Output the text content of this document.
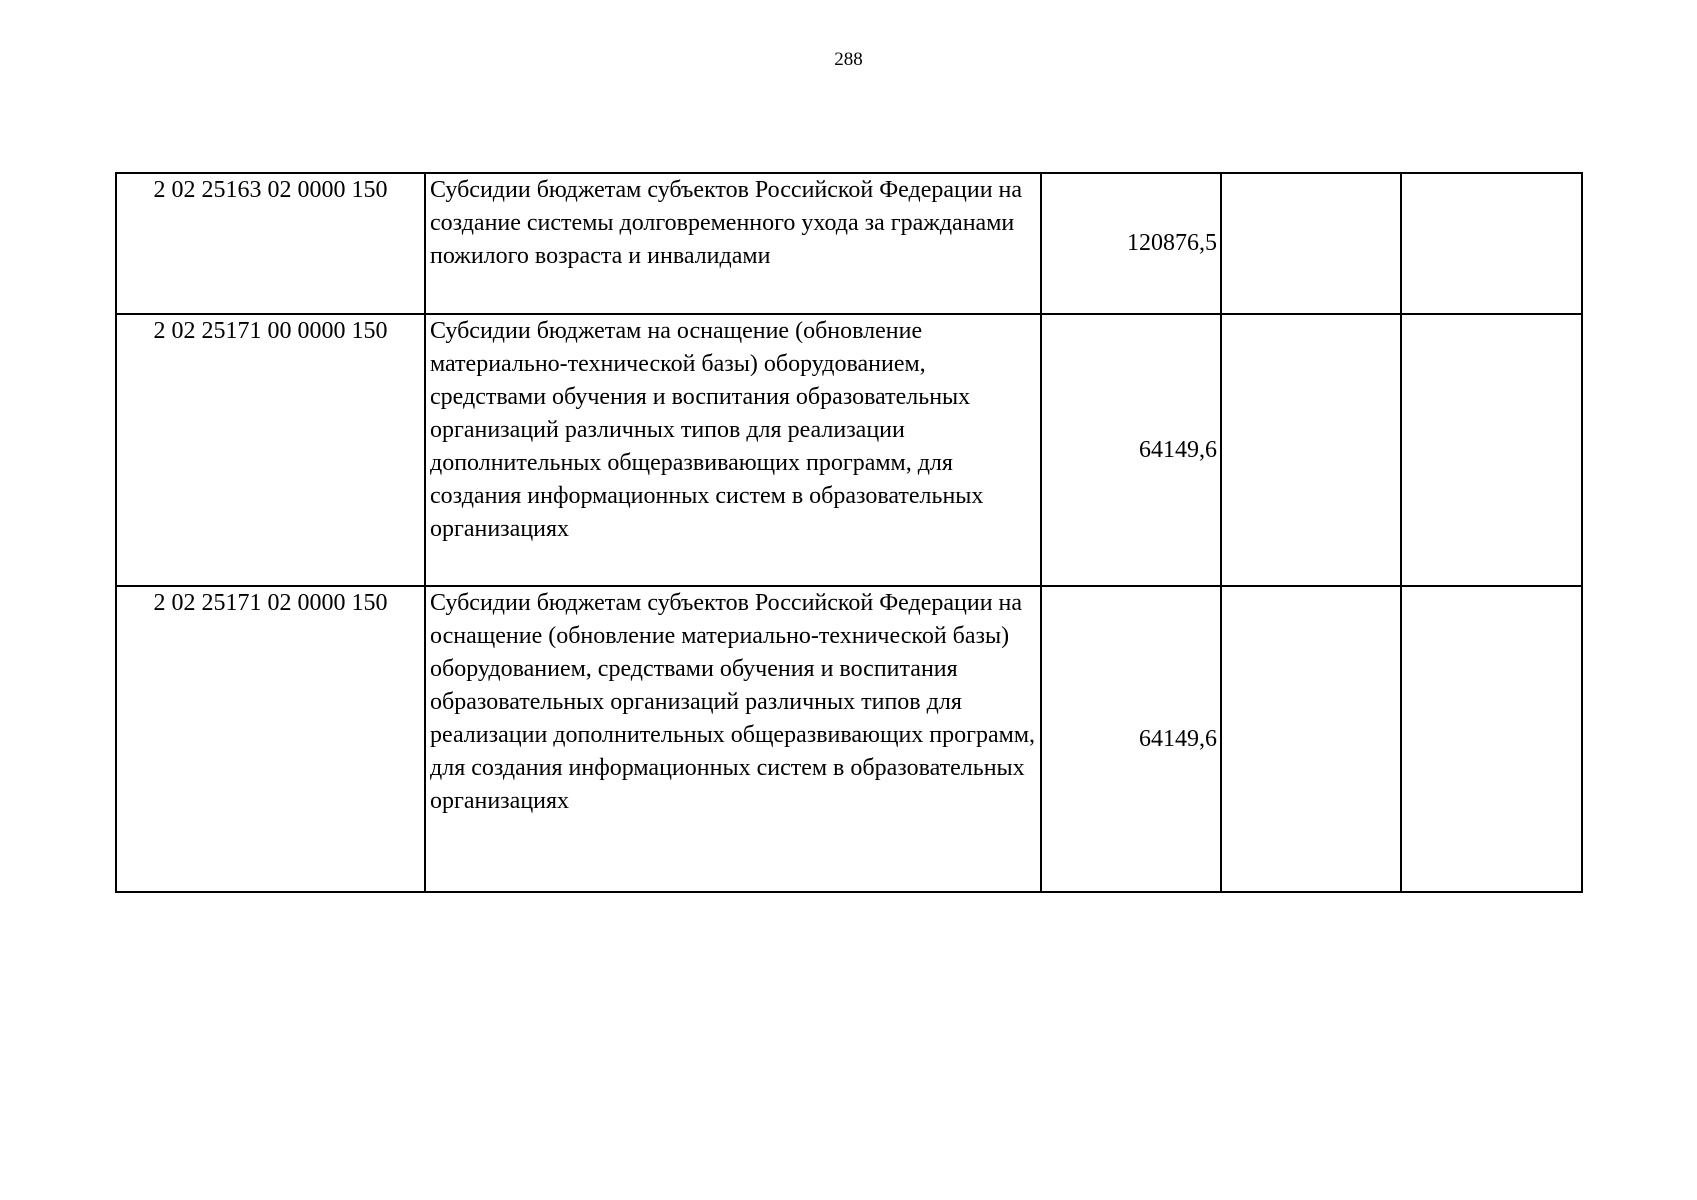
288
2 02 25163 02 0000 150	Субсидии бюджетам субъектов Российской Федерации на создание системы долговременного ухода за гражданами пожилого возраста и инвалидами	120876,5		
2 02 25171 00 0000 150	Субсидии бюджетам на оснащение (обновление материально-технической базы) оборудованием, средствами обучения и воспитания образовательных организаций различных типов для реализации дополнительных общеразвивающих программ, для создания информационных систем в образовательных организациях	64149,6		
2 02 25171 02 0000 150	Субсидии бюджетам субъектов Российской Федерации на оснащение (обновление материально-технической базы) оборудованием, средствами обучения и воспитания образовательных организаций различных типов для реализации дополнительных общеразвивающих программ, для создания информационных систем в образовательных организациях	64149,6		
